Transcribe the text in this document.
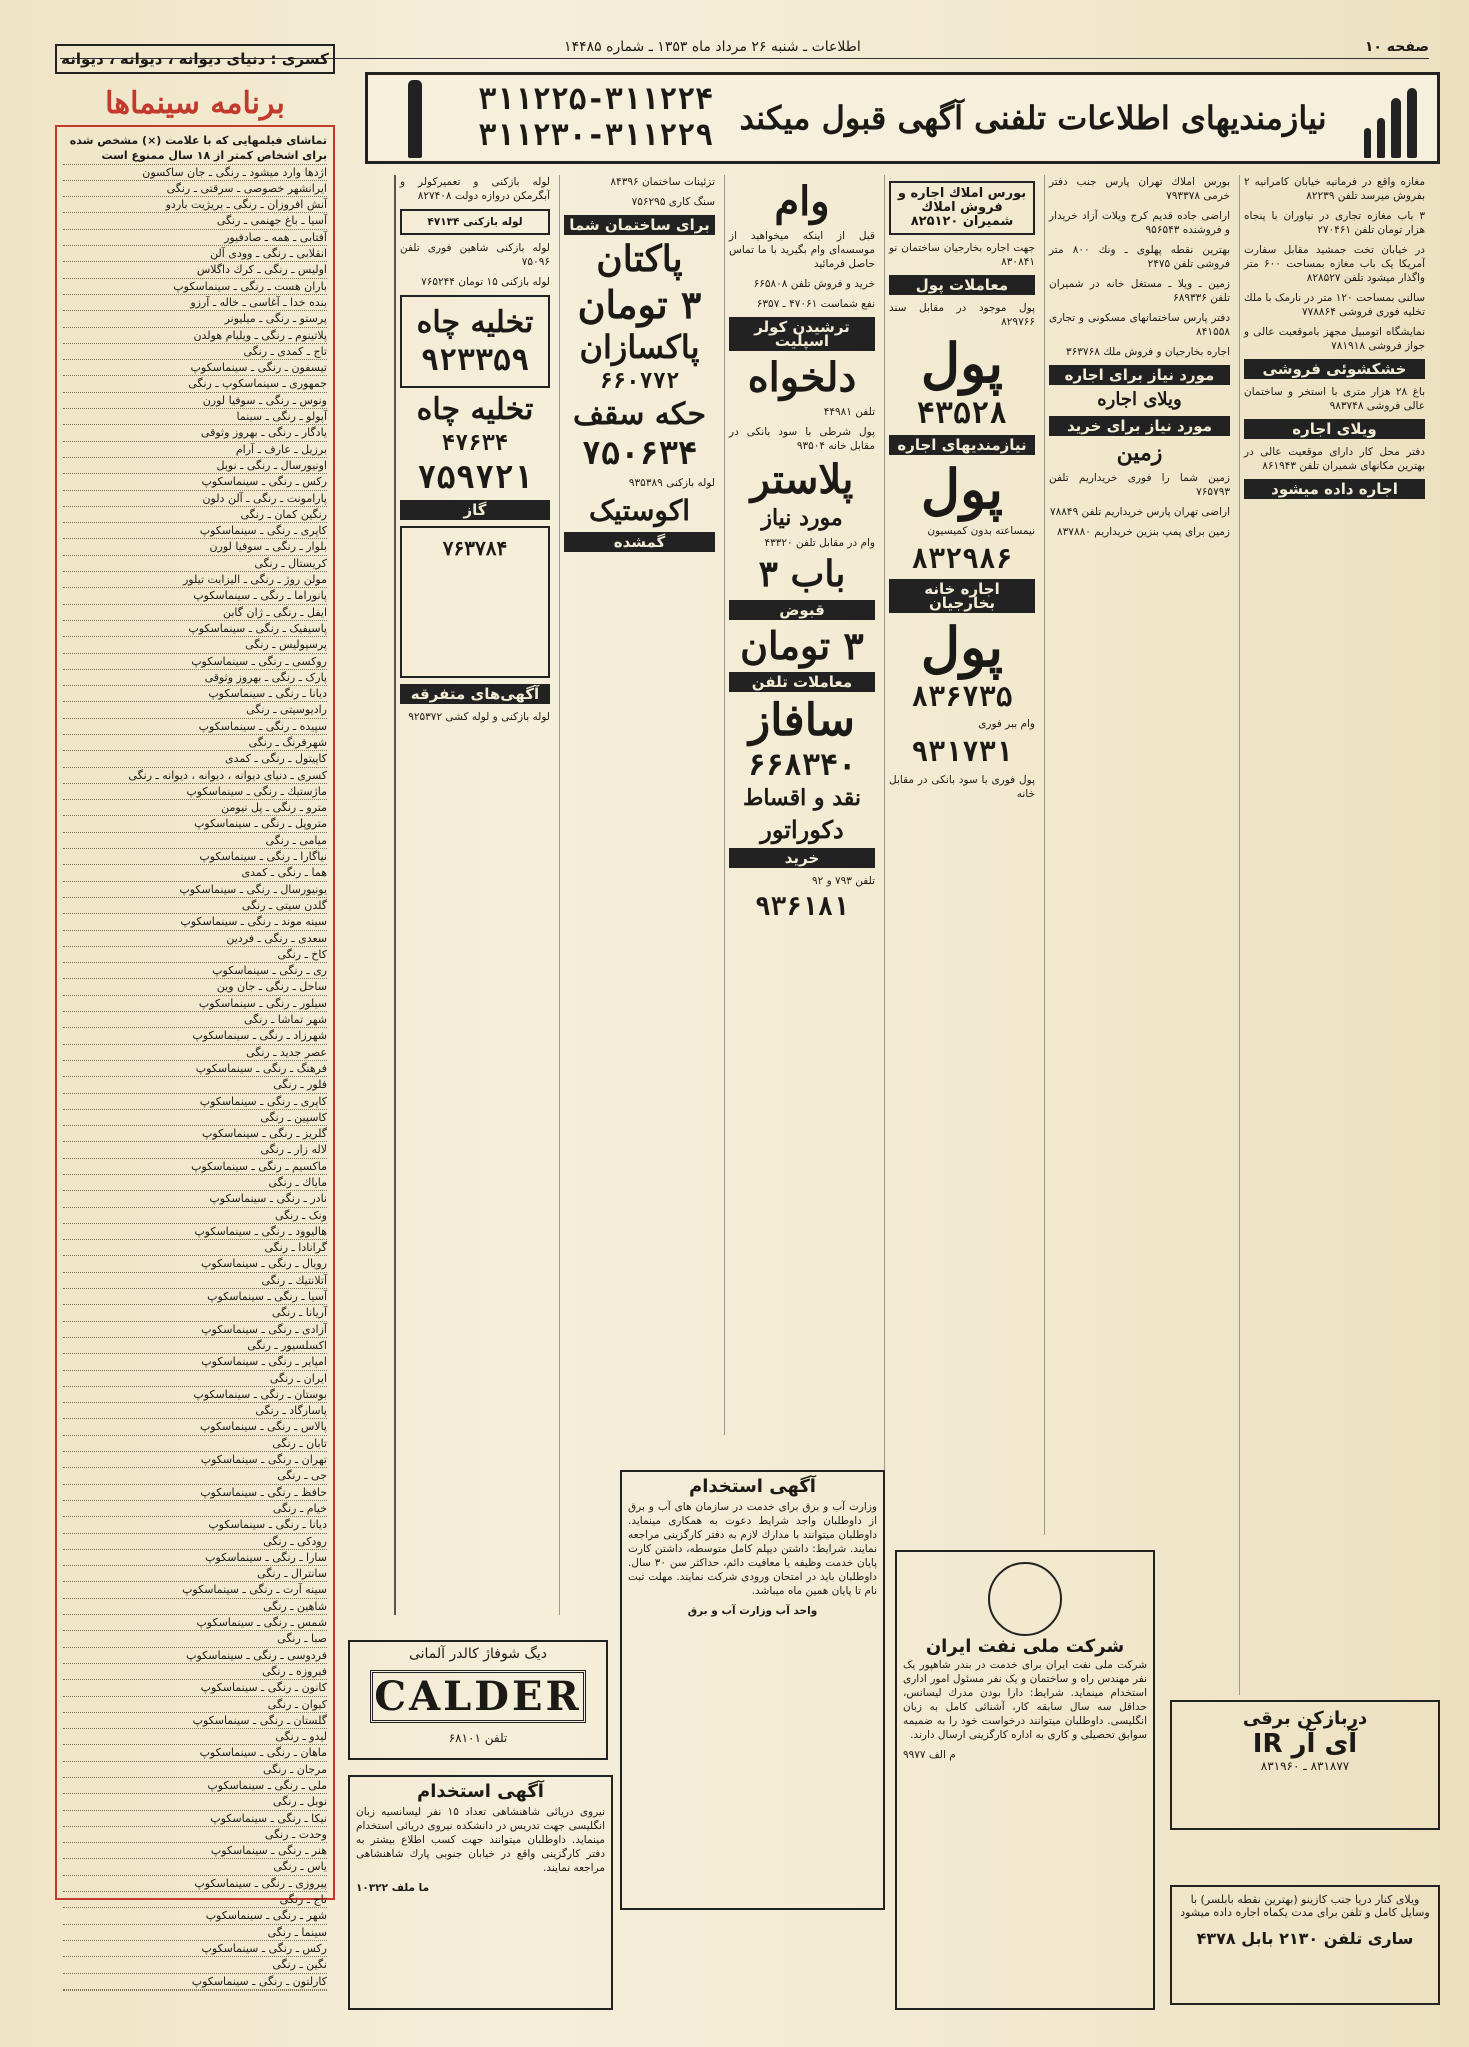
صفحه ۱۰
اطلاعات ـ شنبه ۲۶ مرداد ماه ۱۳۵۳ ـ شماره ۱۴۴۸۵
نیازمندیهای اطلاعات تلفنی آگهی قبول میکند
۳۱۱۲۲۵-۳۱۱۲۲۴
۳۱۱۲۳۰-۳۱۱۲۲۹

مغازه واقع در فرمانیه خیابان کامرانیه ۲ بفروش میرسد تلفن ۸۲۲۳۹

۳ باب مغازه تجاری در نیاوران با پنجاه هزار تومان تلفن ۲۷۰۴۶۱

در خیابان تخت جمشید مقابل سفارت آمریکا یک باب مغازه بمساحت ۶۰۰ متر واگذار میشود تلفن ۸۲۸۵۲۷

سالنی بمساحت ۱۲۰ متر در نارمک با ملك تخلیه فوری فروشی ۷۷۸۸۶۴

نمایشگاه اتومبیل مجهز باموقعیت عالی و جواز فروشی ۷۸۱۹۱۸

خشکشوئی فروشی

باغ ۲۸ هزار متری با استخر و ساختمان عالی فروشی ۹۸۳۷۴۸

ویلای اجاره

دفتر محل کار دارای موقعیت عالی در بهترین مکانهای شمیران تلفن ۸۶۱۹۴۳

اجاره داده میشود

بورس املاك تهران پارس جنب دفتر خرمی ۷۹۳۳۷۸

اراضی جاده قدیم کرج ویلات آزاد خریدار و فروشنده ۹۵۶۵۴۳

بهترین نقطه پهلوی ـ ونك ۸۰۰ متر فروشی تلفن ۲۴۷۵

زمین ـ ویلا ـ مستغل خانه در شمیران تلفن ۶۸۹۳۳۶

دفتر پارس ساختمانهای مسکونی و تجاری ۸۴۱۵۵۸

اجاره بخارجیان و فروش ملك ۳۶۳۷۶۸

مورد نیاز برای اجاره
ویلای اجاره
مورد نیاز برای خرید
زمین

زمین شما را فوری خریداریم تلفن ۷۶۵۷۹۳

اراضی تهران پارس خریداریم تلفن ۷۸۸۴۹

زمین برای پمپ بنزین خریداریم ۸۳۷۸۸۰

بورس املاك اجاره و فروش املاك شمیران ۸۲۵۱۲۰

جهت اجاره بخارجیان ساختمان نو ۸۳۰۸۴۱

معاملات پول

پول موجود در مقابل سند ۸۲۹۷۶۶

پول
۴۳۵۲۸
نیازمندیهای اجاره
پول

نیمساعته بدون کمیسیون

۸۳۲۹۸۶
اجاره خانه بخارجیان
پول
۸۳۶۷۳۵

وام ببر فوری

۹۳۱۷۳۱

پول فوری با سود بانکی در مقابل خانه

وام

قبل از اینکه میخواهید از موسسه‌ای وام بگیرید با ما تماس حاصل فرمائید

خرید و فروش تلفن ۶۶۵۸۰۸

نفع شماست ۴۷۰۶۱ ـ ۶۳۵۷

ترشیدن کولر اسپلیت
دلخواه

تلفن ۴۴۹۸۱

پول شرطی با سود بانکی در مقابل خانه ۹۳۵۰۴

پلاستر
مورد نیاز

وام در مقابل تلفن ۴۳۳۲۰

باب ۳
قبوض
۳ تومان
معاملات تلفن
سافاز
۶۶۸۳۴۰
نقد و اقساط
دکوراتور
خرید

تلفن ۷۹۳ و ۹۲

۹۳۶۱۸۱

تزئینات ساختمان ۸۴۳۹۶

سنگ کاری ۷۵۶۲۹۵

برای ساختمان شما
پاکتان
۳ تومان
پاکسازان
۶۶۰۷۷۲
حکه سقف
۷۵۰۶۳۴

لوله بازکنی ۹۳۵۳۸۹

اکوستیک
گمشده

لوله بازکنی و تعمیرکولر و آبگرمکن دروازه دولت ۸۲۷۴۰۸

لوله بازکنی ۴۷۱۳۴

لوله بازکنی شاهین فوری تلفن ۷۵۰۹۶

لوله بازکنی ۱۵ تومان ۷۶۵۲۴۴

تخلیه چاه
۹۲۳۳۵۹
تخلیه چاه
۴۷۶۳۴
۷۵۹۷۲۱
گاز
۷۶۳۷۸۴
آگهی‌های متفرقه

لوله بازکنی و لوله کشی ۹۲۵۳۷۲

کسری : دنیای دیوانه ، دیوانه ، دیوانه
برنامه سینماها
تماشای فیلمهایی که با علامت (×) مشخص شده برای اشخاص کمتر از ۱۸ سال ممنوع است
اژدها وارد میشود ـ رنگی ـ جان ساکسون
ایرانشهر خصوصی ـ سرقتی ـ رنگی
آنش افروزان ـ رنگی ـ بریژیت باردو
آسیا ـ باغ جهنمی ـ رنگی
آفتابی ـ همه ـ صادفیور
انقلابی ـ رنگی ـ وودی آلن
اولیس ـ رنگی ـ کرك داگلاس
باران هست ـ رنگی ـ سینماسکوپ
بنده خدا ـ آغاسی ـ خاله ـ آرزو
پرستو ـ رنگی ـ میلیونر
پلاتینوم ـ رنگی ـ ویلیام هولدن
تاج ـ کمدی ـ رنگی
تیسفون ـ رنگی ـ سینماسکوپ
جمهوری ـ سینماسکوپ ـ رنگی
ونوس ـ رنگی ـ سوفیا لورن
آپولو ـ رنگی ـ سینما
یادگار ـ رنگی ـ بهروز وثوقی
برزیل ـ عارف ـ آرام
اونیورسال ـ رنگی ـ نوبل
رکس ـ رنگی ـ سینماسکوپ
پارامونت ـ رنگی ـ آلن دلون
رنگین کمان ـ رنگی
کاپری ـ رنگی ـ سینماسکوپ
بلوار ـ رنگی ـ سوفیا لورن
کریستال ـ رنگی
مولن روژ ـ رنگی ـ الیزابت تیلور
پانوراما ـ رنگی ـ سینماسکوپ
ایفل ـ رنگی ـ ژان گابن
پاسیفیک ـ رنگی ـ سینماسکوپ
پرسپولیس ـ رنگی
روکسی ـ رنگی ـ سینماسکوپ
پارک ـ رنگی ـ بهروز وثوقی
دیانا ـ رنگی ـ سینماسکوپ
رادیوسیتی ـ رنگی
سپیده ـ رنگی ـ سینماسکوپ
شهرفرنگ ـ رنگی
کاپیتول ـ رنگی ـ کمدی
کسری ـ دنیای دیوانه ، دیوانه ، دیوانه ـ رنگی
ماژستیك ـ رنگی ـ سینماسکوپ
مترو ـ رنگی ـ پل نیومن
متروپل ـ رنگی ـ سینماسکوپ
میامی ـ رنگی
نیاگارا ـ رنگی ـ سینماسکوپ
هما ـ رنگی ـ کمدی
یونیورسال ـ رنگی ـ سینماسکوپ
گلدن سیتی ـ رنگی
سینه موند ـ رنگی ـ سینماسکوپ
سعدی ـ رنگی ـ فردین
کاخ ـ رنگی
ری ـ رنگی ـ سینماسکوپ
ساحل ـ رنگی ـ جان وین
سیلور ـ رنگی ـ سینماسکوپ
شهر تماشا ـ رنگی
شهرزاد ـ رنگی ـ سینماسکوپ
عصر جدید ـ رنگی
فرهنگ ـ رنگی ـ سینماسکوپ
فلور ـ رنگی
کاپری ـ رنگی ـ سینماسکوپ
کاسپین ـ رنگی
گلریز ـ رنگی ـ سینماسکوپ
لاله زار ـ رنگی
ماکسیم ـ رنگی ـ سینماسکوپ
مایاك ـ رنگی
نادر ـ رنگی ـ سینماسکوپ
ونک ـ رنگی
هالیوود ـ رنگی ـ سینماسکوپ
گرانادا ـ رنگی
رویال ـ رنگی ـ سینماسکوپ
آتلانتیك ـ رنگی
آسیا ـ رنگی ـ سینماسکوپ
آریانا ـ رنگی
آزادی ـ رنگی ـ سینماسکوپ
اکسلسیور ـ رنگی
امپایر ـ رنگی ـ سینماسکوپ
ایران ـ رنگی
بوستان ـ رنگی ـ سینماسکوپ
پاسارگاد ـ رنگی
پالاس ـ رنگی ـ سینماسکوپ
تابان ـ رنگی
تهران ـ رنگی ـ سینماسکوپ
جی ـ رنگی
حافظ ـ رنگی ـ سینماسکوپ
خیام ـ رنگی
دیانا ـ رنگی ـ سینماسکوپ
رودکی ـ رنگی
سارا ـ رنگی ـ سینماسکوپ
سانترال ـ رنگی
سینه آرت ـ رنگی ـ سینماسکوپ
شاهین ـ رنگی
شمس ـ رنگی ـ سینماسکوپ
صبا ـ رنگی
فردوسی ـ رنگی ـ سینماسکوپ
فیروزه ـ رنگی
کانون ـ رنگی ـ سینماسکوپ
کیوان ـ رنگی
گلستان ـ رنگی ـ سینماسکوپ
لیدو ـ رنگی
ماهان ـ رنگی ـ سینماسکوپ
مرجان ـ رنگی
ملی ـ رنگی ـ سینماسکوپ
نوبل ـ رنگی
نیکا ـ رنگی ـ سینماسکوپ
وحدت ـ رنگی
هنر ـ رنگی ـ سینماسکوپ
یاس ـ رنگی
پیروزی ـ رنگی ـ سینماسکوپ
تاج ـ رنگی
شهر ـ رنگی ـ سینماسکوپ
سینما ـ رنگی
رکس ـ رنگی ـ سینماسکوپ
نگین ـ رنگی
کارلتون ـ رنگی ـ سینماسکوپ
دیگ شوفاژ کالدر آلمانی
CALDER
تلفن ۶۸۱۰۱
آگهی استخدام
وزارت آب و برق برای خدمت در سازمان های آب و برق از داوطلبان واجد شرایط دعوت به همکاری مینماید. داوطلبان میتوانند با مدارك لازم به دفتر کارگزینی مراجعه نمایند. شرایط: داشتن دیپلم کامل متوسطه، داشتن کارت پایان خدمت وظیفه یا معافیت دائم، حداکثر سن ۳۰ سال. داوطلبان باید در امتحان ورودی شرکت نمایند. مهلت ثبت نام تا پایان همین ماه میباشد.
واحد آب وزارت آب و برق
آگهی استخدام
نیروی دریائی شاهنشاهی تعداد ۱۵ نفر لیسانسیه زبان انگلیسی جهت تدریس در دانشکده نیروی دریائی استخدام مینماید. داوطلبان میتوانند جهت کسب اطلاع بیشتر به دفتر کارگزینی واقع در خیابان جنوبی پارك شاهنشاهی مراجعه نمایند.
ما ملف ۱۰۳۲۲
شرکت ملی نفت ایران
شرکت ملی نفت ایران برای خدمت در بندر شاهپور یک نفر مهندس راه و ساختمان و یک نفر مسئول امور اداری استخدام مینماید. شرایط: دارا بودن مدرك لیسانس، حداقل سه سال سابقه کار، آشنائی کامل به زبان انگلیسی. داوطلبان میتوانند درخواست خود را به ضمیمه سوابق تحصیلی و کاری به اداره کارگزینی ارسال دارند.
م الف ۹۹۷۷
دربازکن برقی
IR آی آر
۸۳۱۸۷۷ ـ ۸۳۱۹۶۰
ویلای کنار دریا جنب کازینو (بهترین نقطه بابلسر) با وسایل کامل و تلفن برای مدت یکماه اجاره داده میشود
ساری تلفن ۲۱۳۰ بابل ۴۳۷۸
